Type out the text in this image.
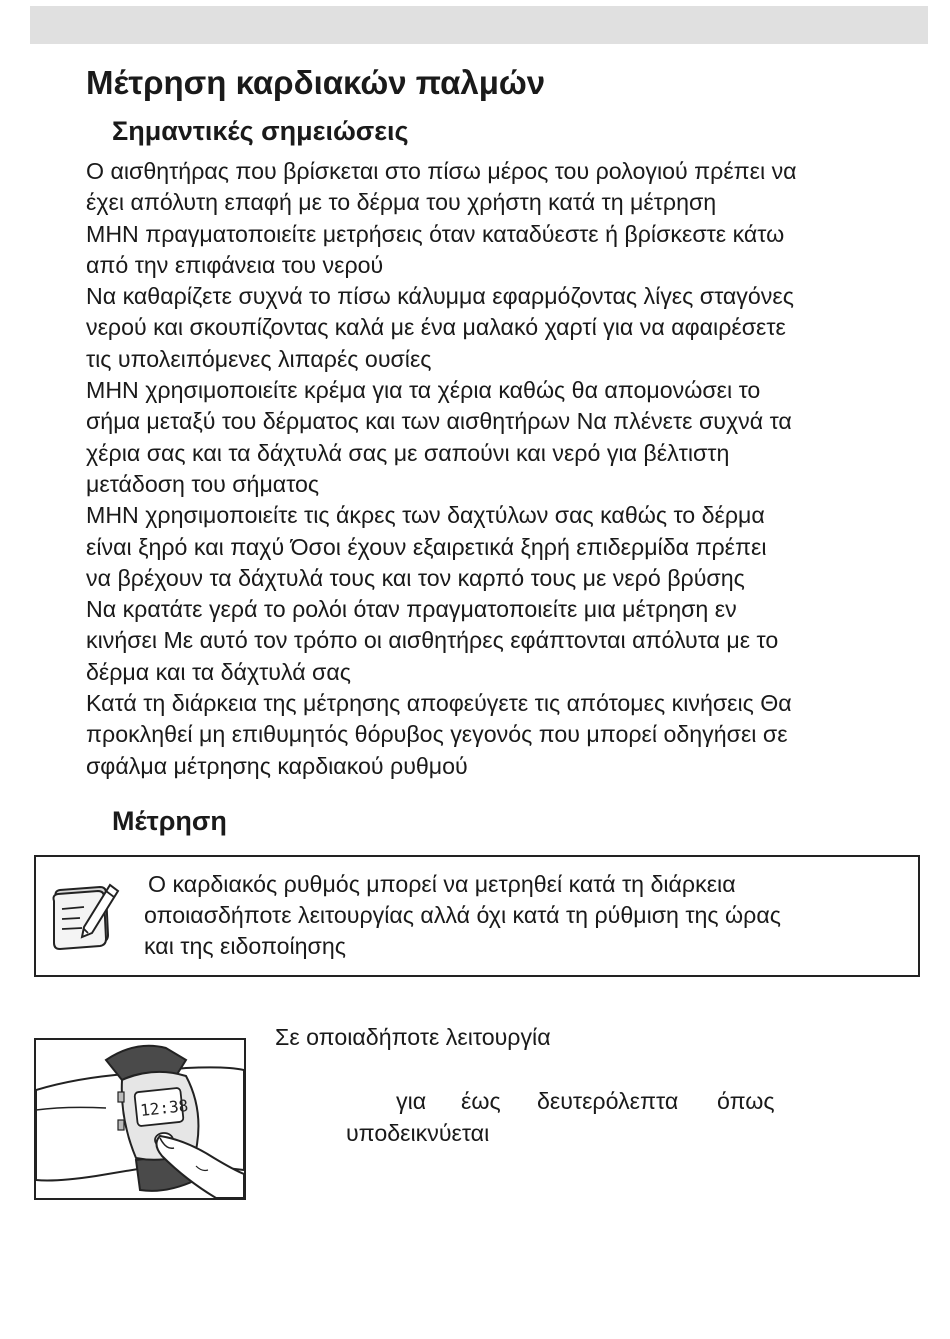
Μέτρηση καρδιακών παλμών
Σημαντικές σημειώσεις
Ο αισθητήρας που βρίσκεται στο πίσω μέρος του ρολογιού πρέπει να
έχει απόλυτη επαφή με το δέρμα του χρήστη κατά τη μέτρηση
ΜΗΝ πραγματοποιείτε μετρήσεις όταν καταδύεστε ή βρίσκεστε κάτω
από την επιφάνεια του νερού
Να καθαρίζετε συχνά το πίσω κάλυμμα εφαρμόζοντας λίγες σταγόνες
νερού και σκουπίζοντας καλά με ένα μαλακό χαρτί για να αφαιρέσετε
τις υπολειπόμενες λιπαρές ουσίες
ΜΗΝ χρησιμοποιείτε κρέμα για τα χέρια καθώς θα απομονώσει το
σήμα μεταξύ του δέρματος και των αισθητήρων Να πλένετε συχνά τα
χέρια σας και τα δάχτυλά σας με σαπούνι και νερό για βέλτιστη
μετάδοση του σήματος
ΜΗΝ χρησιμοποιείτε τις άκρες των δαχτύλων σας καθώς το δέρμα
είναι ξηρό και παχύ Όσοι έχουν εξαιρετικά ξηρή επιδερμίδα πρέπει
να βρέχουν τα δάχτυλά τους και τον καρπό τους με νερό βρύσης
Να κρατάτε γερά το ρολόι όταν πραγματοποιείτε μια μέτρηση εν
κινήσει Με αυτό τον τρόπο οι αισθητήρες εφάπτονται απόλυτα με το
δέρμα και τα δάχτυλά σας
Κατά τη διάρκεια της μέτρησης αποφεύγετε τις απότομες κινήσεις Θα
προκληθεί μη επιθυμητός θόρυβος γεγονός που μπορεί οδηγήσει σε
σφάλμα μέτρησης καρδιακού ρυθμού
Μέτρηση
Ο καρδιακός ρυθμός μπορεί να μετρηθεί κατά τη διάρκεια
οποιασδήποτε λειτουργίας αλλά όχι κατά τη ρύθμιση της ώρας
και της ειδοποίησης
12:38
Σε οποιαδήποτε λειτουργία
για έως δευτερόλεπτα όπως
υποδεικνύεται
